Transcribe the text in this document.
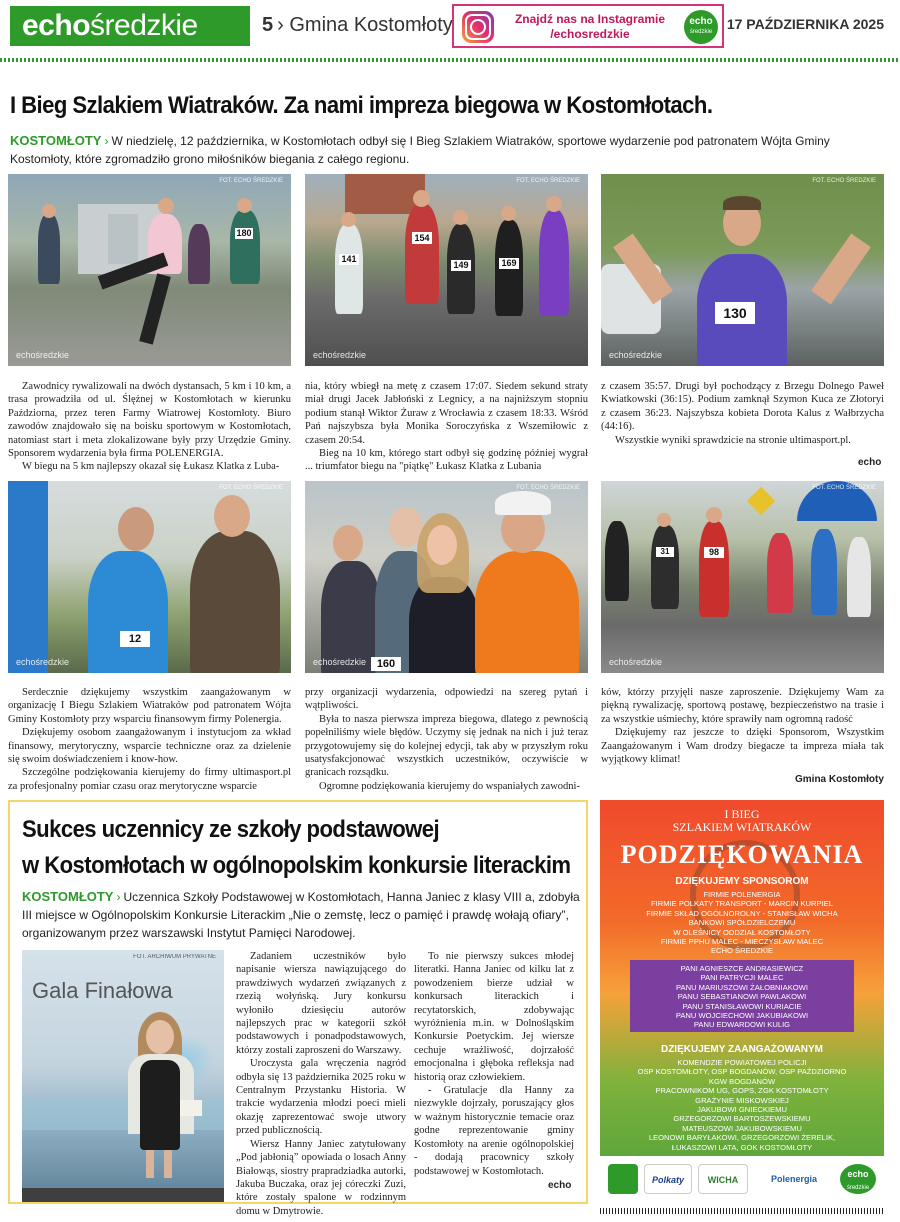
echośredzkie	5 › Gmina Kostomłoty	Znajdź nas na Instagramie
/echosredzkie
echo
średzkie	17 PAŹDZIERNIKA 2025
I Bieg Szlakiem Wiatraków. Za nami impreza biegowa w Kostomłotach.
KOSTOMŁOTY › W niedzielę, 12 października, w Kostomłotach odbył się I Bieg Szlakiem Wiatraków, sportowe wydarzenie pod patronatem Wójta Gminy Kostomłoty, które zgromadziło grono miłośników biegania z całego regionu.
180
FOT. ECHO ŚREDZKIE
echośredzkie
141
154
149	169
FOT. ECHO ŚREDZKIE
echośredzkie
130
FOT. ECHO ŚREDZKIE
echośredzkie

Zawodnicy rywalizowali na dwóch dystansach, 5 km i 10 km, a trasa prowadziła od ul. Ślężnej w Kostomłotach w kierunku Paździorna, przez teren Farmy Wiatrowej Kostomłoty. Biuro zawodów znajdowało się na boisku sportowym w Kostomłotach, natomiast start i meta zlokalizowane były przy Urzędzie Gminy. Sponsorem wydarzenia była firma POLENERGIA.

W biegu na 5 km najlepszy okazał się Łukasz Klatka z Luba-

nia, który wbiegł na metę z czasem 17:07. Siedem sekund straty miał drugi Jacek Jabłoński z Legnicy, a na najniższym stopniu podium stanął Wiktor Żuraw z Wrocławia z czasem 18:33. Wśród Pań najszybsza była Monika Soroczyńska z Wszemiłowic z czasem 20:54.

Bieg na 10 km, którego start odbył się godzinę później wygrał ... triumfator biegu na "piątkę" Łukasz Klatka z Lubania

z czasem 35:57. Drugi był pochodzący z Brzegu Dolnego Paweł Kwiatkowski (36:15). Podium zamknął Szymon Kuca ze Złotoryi z czasem 36:23. Najszybsza kobieta Dorota Kalus z Wałbrzycha (44:16).

Wszystkie wyniki sprawdzicie na stronie ultimasport.pl.

echo
12
FOT. ECHO ŚREDZKIE
echośredzkie	160
FOT. ECHO ŚREDZKIE
echośredzkie
31	98
FOT. ECHO ŚREDZKIE
echośredzkie

Serdecznie dziękujemy wszystkim zaangażowanym w organizację I Biegu Szlakiem Wiatraków pod patronatem Wójta Gminy Kostomłoty przy wsparciu finansowym firmy Polenergia.

Dziękujemy osobom zaangażowanym i instytucjom za wkład finansowy, merytoryczny, wsparcie techniczne oraz za dzielenie się swoim doświadczeniem i know-how.

Szczególne podziękowania kierujemy do firmy ultimasport.pl za profesjonalny pomiar czasu oraz merytoryczne wsparcie

przy organizacji wydarzenia, odpowiedzi na szereg pytań i wątpliwości.

Była to nasza pierwsza impreza biegowa, dlatego z pewnością popełniliśmy wiele błędów. Uczymy się jednak na nich i już teraz przygotowujemy się do kolejnej edycji, tak aby w przyszłym roku usatysfakcjonować wszystkich uczestników, oczywiście w granicach rozsądku.

Ogromne podziękowania kierujemy do wspaniałych zawodni-

ków, którzy przyjęli nasze zaproszenie. Dziękujemy Wam za piękną rywalizację, sportową postawę, bezpieczeństwo na trasie i za wszystkie uśmiechy, które sprawiły nam ogromną radość

Dziękujemy raz jeszcze to dzięki Sponsorom, Wszystkim Zaangażowanym i Wam drodzy biegacze ta impreza miała tak wyjątkowy klimat!

Gmina Kostomłoty
Sukces uczennicy ze szkoły podstawowej
w Kostomłotach w ogólnopolskim konkursie literackim
KOSTOMŁOTY › Uczennica Szkoły Podstawowej w Kostomłotach, Hanna Janiec z klasy VIII a, zdobyła III miejsce w Ogólnopolskim Konkursie Literackim „Nie o zemstę, lecz o pamięć i prawdę wołają ofiary”, organizowanym przez warszawski Instytut Pamięci Narodowej.
Gala Finałowa
FOT. ARCHIWUM PRYWATNE	Zadaniem uczestników było napisanie wiersza nawiązującego do prawdziwych wydarzeń związanych z rzezią wołyńską. Jury konkursu wyłoniło dziesięciu autorów najlepszych prac w kategorii szkół podstawowych i ponadpodstawowych, którzy zostali zaproszeni do Warszawy.

Uroczysta gala wręczenia nagród odbyła się 13 października 2025 roku w Centralnym Przystanku Historia. W trakcie wydarzenia młodzi poeci mieli okazję zaprezentować swoje utwory przed publicznością.

Wiersz Hanny Janiec zatytułowany „Pod jabłonią” opowiada o losach Anny Białowąs, siostry prapradziadka autorki, Jakuba Buczaka, oraz jej córeczki Zuzi, które zostały spalone w rodzinnym domu w Dmytrowie.

To nie pierwszy sukces młodej literatki. Hanna Janiec od kilku lat z powodzeniem bierze udział w konkursach literackich i recytatorskich, zdobywając wyróżnienia m.in. w Dolnośląskim Konkursie Poetyckim. Jej wiersze cechuje wrażliwość, dojrzałość emocjonalna i głęboka refleksja nad historią oraz człowiekiem.

- Gratulacje dla Hanny za niezwykle dojrzały, poruszający głos w ważnym historycznie temacie oraz godne reprezentowanie gminy Kostomłoty na arenie ogólnopolskiej - dodają pracownicy szkoły podstawowej w Kostomłotach.

echo
I BIEG
SZLAKIEM WIATRAKÓW
PODZIĘKOWANIA
DZIĘKUJEMY SPONSOROM
FIRMIE POLENERGIA
FIRMIE POLKATY TRANSPORT - MARCIN KURPIEL
FIRMIE SKŁAD OGÓLNOROLNY - STANISŁAW WICHA
BANKOWI SPÓŁDZIELCZEMU
W OLEŚNICY ODDZIAŁ KOSTOMŁOTY
FIRMIE PPHU MALEC - MIECZYSŁAW MALEC
ECHO ŚREDZKIE
PANI AGNIESZCE ANDRASIEWICZ
PANI PATRYCJI MALEC
PANU MARIUSZOWI ŻAŁOBNIAKOWI
PANU SEBASTIANOWI PAWLAKOWI
PANU STANISŁAWOWI KURIACIE
PANU WOJCIECHOWI JAKUBIAKOWI
PANU EDWARDOWI KULIG
DZIĘKUJEMY ZAANGAŻOWANYM
KOMENDZIE POWIATOWEJ POLICJI
OSP KOSTOMŁOTY, OSP BOGDANÓW, OSP PAŹDZIORNO
KGW BOGDANÓW
PRACOWNIKOM UG, GOPS, ZGK KOSTOMŁOTY
GRAŻYNIE MISKOWSKIEJ
JAKUBOWI GNIECKIEMU
GRZEGORZOWI BARTOSZEWSKIEMU
MATEUSZOWI JAKUBOWSKIEMU
LEONOWI BARYŁAKOWI, GRZEGORZOWI ŻERELIK,
ŁUKASZOWI LATA, GOK KOSTOMŁOTY
Polkaty	WICHA	Polenergia	echo
średzkie
